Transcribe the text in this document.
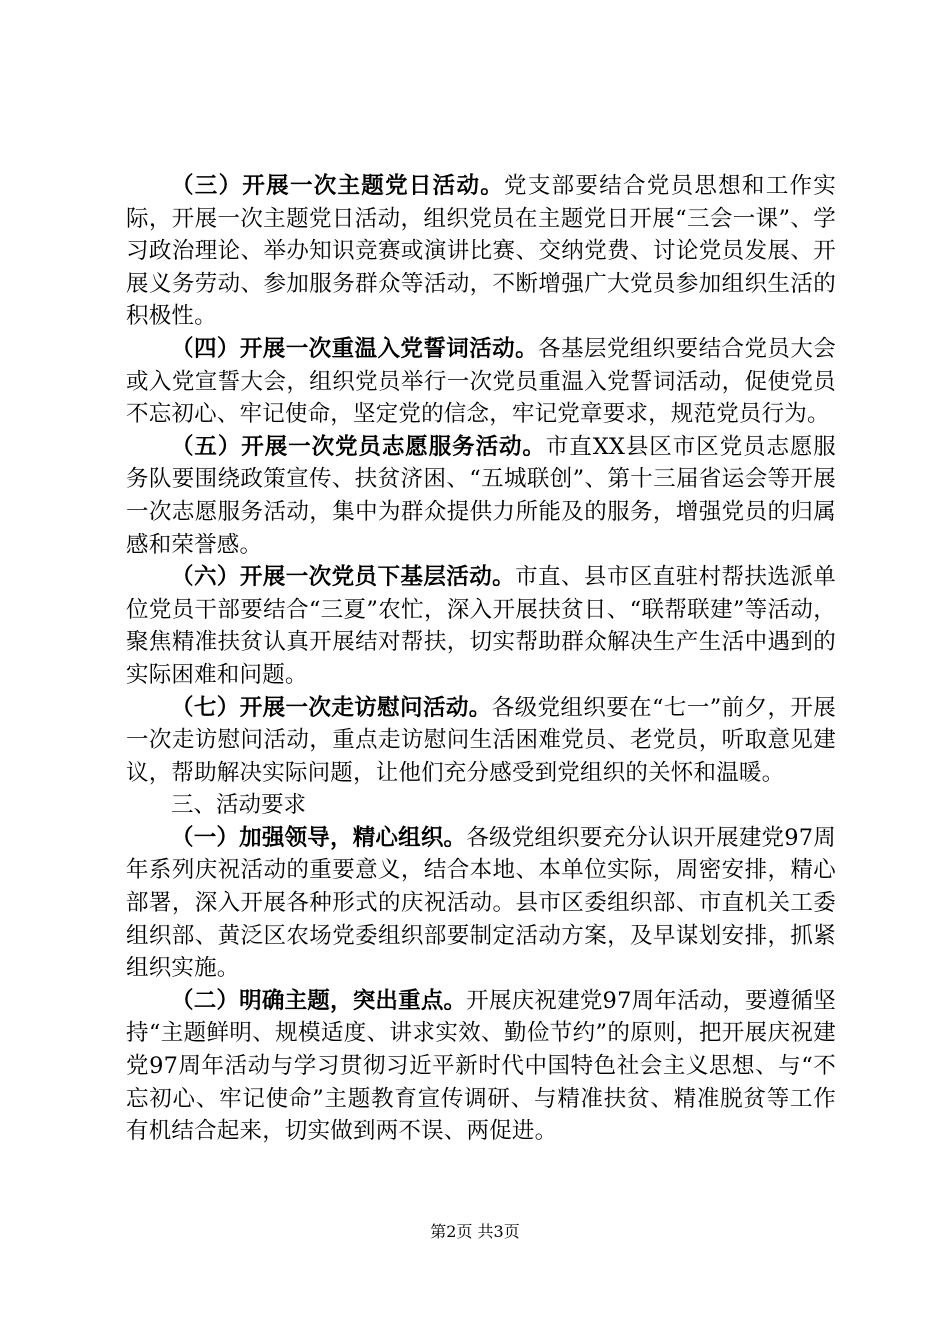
（三）开展一次主题党日活动。党支部要结合党员思想和工作实际，开展一次主题党日活动，组织党员在主题党日开展“三会一课”、学习政治理论、举办知识竞赛或演讲比赛、交纳党费、讨论党员发展、开展义务劳动、参加服务群众等活动，不断增强广大党员参加组织生活的积极性。

（四）开展一次重温入党誓词活动。各基层党组织要结合党员大会或入党宣誓大会，组织党员举行一次党员重温入党誓词活动，促使党员不忘初心、牢记使命，坚定党的信念，牢记党章要求，规范党员行为。

（五）开展一次党员志愿服务活动。市直XX县区市区党员志愿服务队要围绕政策宣传、扶贫济困、“五城联创”、第十三届省运会等开展一次志愿服务活动，集中为群众提供力所能及的服务，增强党员的归属感和荣誉感。

（六）开展一次党员下基层活动。市直、县市区直驻村帮扶选派单位党员干部要结合“三夏”农忙，深入开展扶贫日、“联帮联建”等活动，聚焦精准扶贫认真开展结对帮扶，切实帮助群众解决生产生活中遇到的实际困难和问题。

（七）开展一次走访慰问活动。各级党组织要在“七一”前夕，开展一次走访慰问活动，重点走访慰问生活困难党员、老党员，听取意见建议，帮助解决实际问题，让他们充分感受到党组织的关怀和温暖。

三、活动要求

（一）加强领导，精心组织。各级党组织要充分认识开展建党97周年系列庆祝活动的重要意义，结合本地、本单位实际，周密安排，精心部署，深入开展各种形式的庆祝活动。县市区委组织部、市直机关工委组织部、黄泛区农场党委组织部要制定活动方案，及早谋划安排，抓紧组织实施。

（二）明确主题，突出重点。开展庆祝建党97周年活动，要遵循坚持“主题鲜明、规模适度、讲求实效、勤俭节约”的原则，把开展庆祝建党97周年活动与学习贯彻习近平新时代中国特色社会主义思想、与“不忘初心、牢记使命”主题教育宣传调研、与精准扶贫、精准脱贫等工作有机结合起来，切实做到两不误、两促进。

第2页 共3页
